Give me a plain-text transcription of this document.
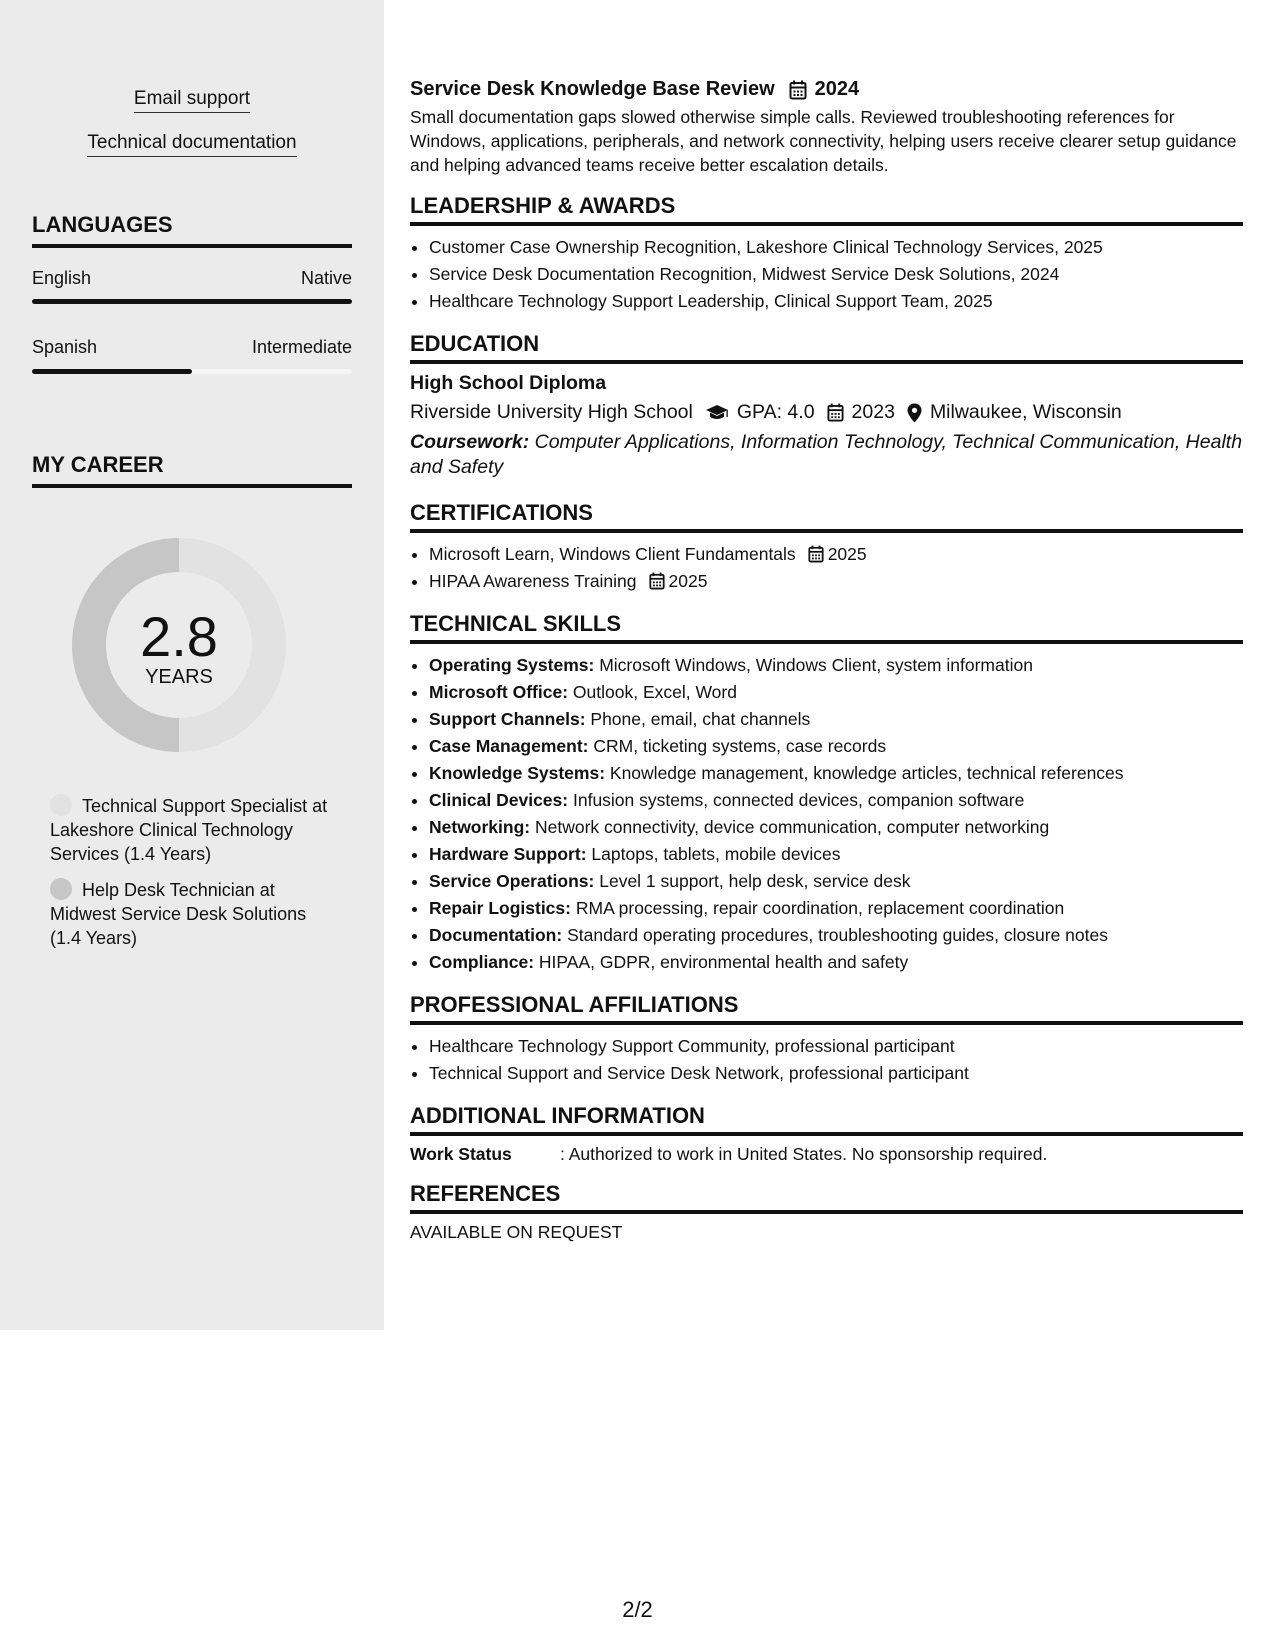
Email support
Technical documentation
LANGUAGES
English	Native
Spanish	Intermediate
MY CAREER
2.8
YEARS
Technical Support Specialist at Lakeshore Clinical Technology Services (1.4 Years)
Help Desk Technician at Midwest Service Desk Solutions (1.4 Years)
Service Desk Knowledge Base Review 2024
Small documentation gaps slowed otherwise simple calls. Reviewed troubleshooting references for Windows, applications, peripherals, and network connectivity, helping users receive clearer setup guidance and helping advanced teams receive better escalation details.
LEADERSHIP & AWARDS
• Customer Case Ownership Recognition, Lakeshore Clinical Technology Services, 2025
• Service Desk Documentation Recognition, Midwest Service Desk Solutions, 2024
• Healthcare Technology Support Leadership, Clinical Support Team, 2025
EDUCATION
High School Diploma
Riverside University High School GPA: 4.0 2023 Milwaukee, Wisconsin
Coursework: Computer Applications, Information Technology, Technical Communication, Health and Safety
CERTIFICATIONS
• Microsoft Learn, Windows Client Fundamentals 2025
• HIPAA Awareness Training 2025
TECHNICAL SKILLS
• Operating Systems: Microsoft Windows, Windows Client, system information
• Microsoft Office: Outlook, Excel, Word
• Support Channels: Phone, email, chat channels
• Case Management: CRM, ticketing systems, case records
• Knowledge Systems: Knowledge management, knowledge articles, technical references
• Clinical Devices: Infusion systems, connected devices, companion software
• Networking: Network connectivity, device communication, computer networking
• Hardware Support: Laptops, tablets, mobile devices
• Service Operations: Level 1 support, help desk, service desk
• Repair Logistics: RMA processing, repair coordination, replacement coordination
• Documentation: Standard operating procedures, troubleshooting guides, closure notes
• Compliance: HIPAA, GDPR, environmental health and safety
PROFESSIONAL AFFILIATIONS
• Healthcare Technology Support Community, professional participant
• Technical Support and Service Desk Network, professional participant
ADDITIONAL INFORMATION
Work Status	: Authorized to work in United States. No sponsorship required.
REFERENCES
AVAILABLE ON REQUEST
2/2
